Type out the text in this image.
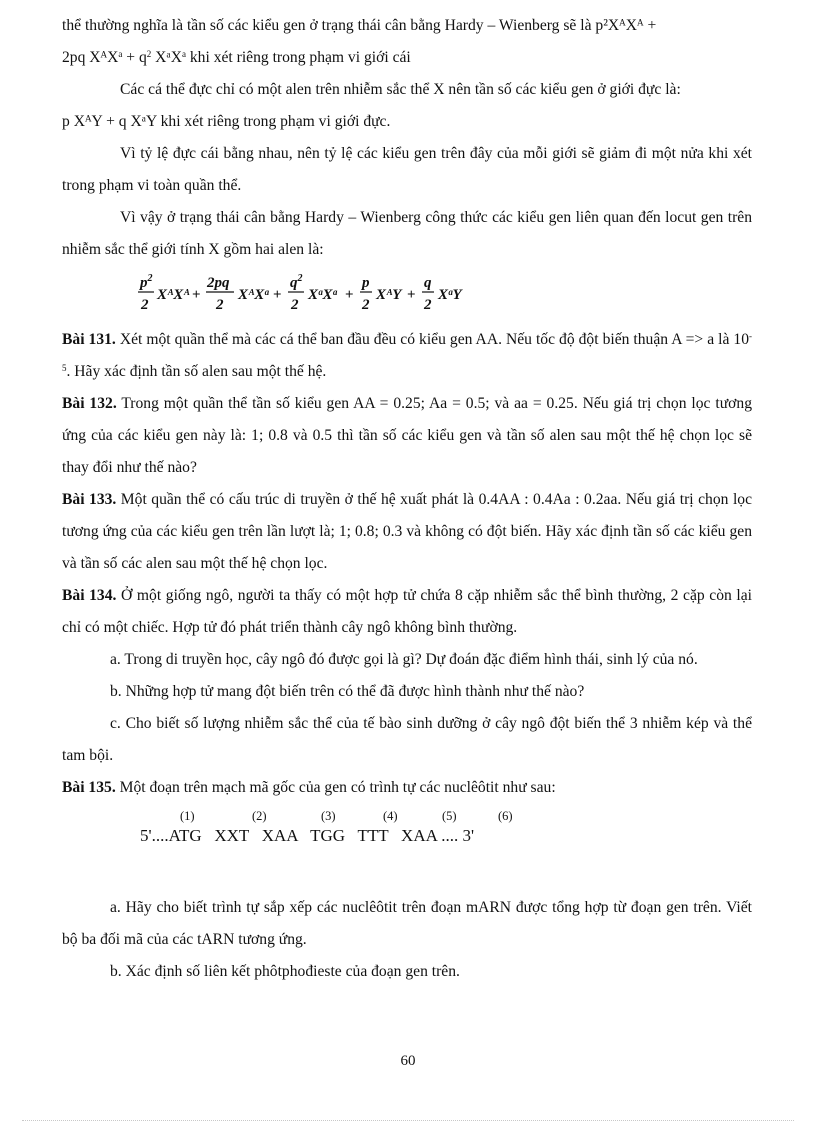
thể thường nghĩa là tần số các kiểu gen ở trạng thái cân bằng Hardy – Wienberg sẽ là p²XᴬXᴬ +

2pq XᴬX$^a$ + $q^2$ XᵃX$^a$ khi xét riêng trong phạm vi giới cái

Các cá thể đực chỉ có một alen trên nhiễm sắc thể X nên tần số các kiểu gen ở giới đực là:

p XᴬY + q XᵃY khi xét riêng trong phạm vi giới đực.

Vì tỷ lệ đực cái bằng nhau, nên tỷ lệ các kiểu gen trên đây của mỗi giới sẽ giảm đi một nửa khi xét trong phạm vi toàn quần thể.

Vì vậy ở trạng thái cân bằng Hardy – Wienberg công thức các kiểu gen liên quan đến locut gen trên nhiễm sắc thể giới tính X gồm hai alen là:

$p^2$
2
XᴬXᴬ +
2pq
2
XᴬXᵃ +
$q^2$
2
XᵃXᵃ +
p
2
XᴬY +
q
2
XᵃY

Bài 131. Xét một quần thể mà các cá thể ban đầu đều có kiểu gen AA. Nếu tốc độ đột biến thuận A => a là $10^{-5}$. Hãy xác định tần số alen sau một thế hệ.

Bài 132. Trong một quần thể tần số kiểu gen AA = 0.25; Aa = 0.5; và aa = 0.25. Nếu giá trị chọn lọc tương ứng của các kiểu gen này là: 1; 0.8 và 0.5 thì tần số các kiểu gen và tần số alen sau một thế hệ chọn lọc sẽ thay đổi như thế nào?

Bài 133. Một quần thể có cấu trúc di truyền ở thế hệ xuất phát là 0.4AA : 0.4Aa : 0.2aa. Nếu giá trị chọn lọc tương ứng của các kiểu gen trên lần lượt là; 1; 0.8; 0.3 và không có đột biến. Hãy xác định tần số các kiểu gen và tần số các alen sau một thế hệ chọn lọc.

Bài 134. Ở một giống ngô, người ta thấy có một hợp tử chứa 8 cặp nhiễm sắc thể bình thường, 2 cặp còn lại chỉ có một chiếc. Hợp tử đó phát triển thành cây ngô không bình thường.

a. Trong di truyền học, cây ngô đó được gọi là gì? Dự đoán đặc điểm hình thái, sinh lý của nó.

b. Những hợp tử mang đột biến trên có thể đã được hình thành như thế nào?

c. Cho biết số lượng nhiễm sắc thể của tế bào sinh dưỡng ở cây ngô đột biến thể 3 nhiễm kép và thể tam bội.

Bài 135. Một đoạn trên mạch mã gốc của gen có trình tự các nuclêôtit như sau:

(1)	(2)	(3)	(4)	(5)	(6)
5'....ATG   XXT   XAA   TGG   TTT   XAA .... 3'

a. Hãy cho biết trình tự sắp xếp các nuclêôtit trên đoạn mARN được tổng hợp từ đoạn gen trên. Viết bộ ba đối mã của các tARN tương ứng.

b. Xác định số liên kết phôtphođieste của đoạn gen trên.

60
